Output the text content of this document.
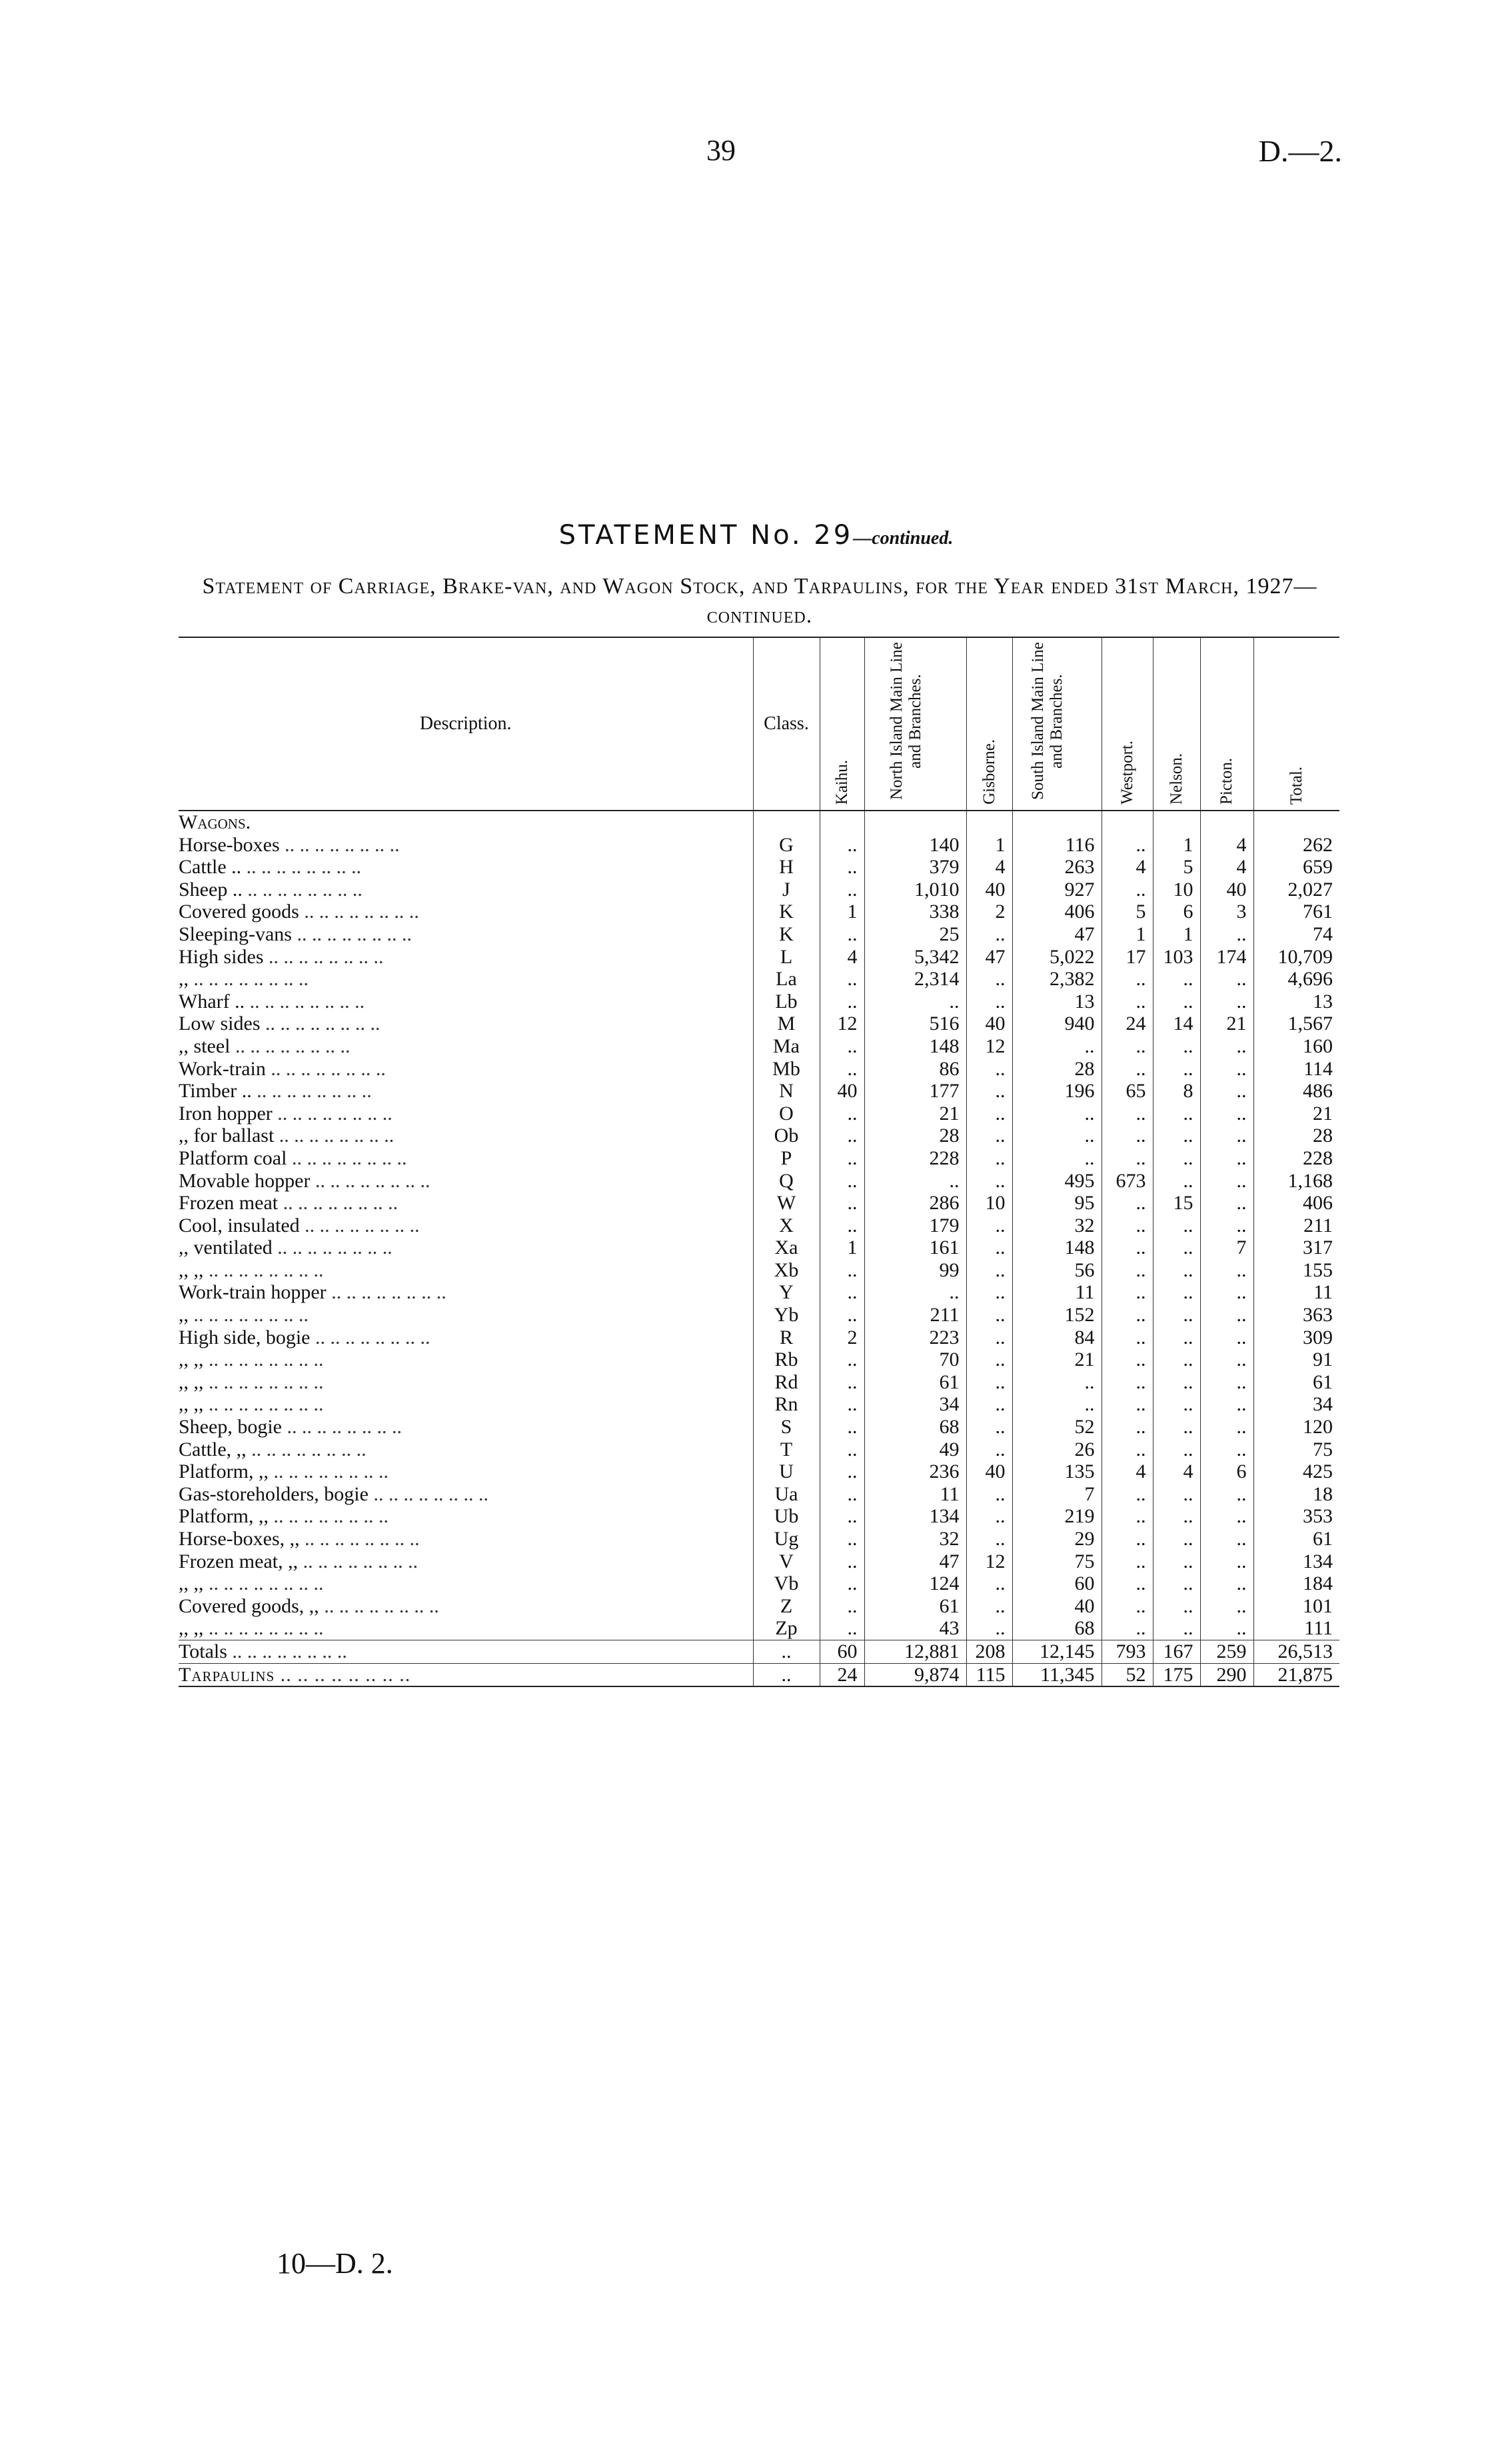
39	D.—2.
STATEMENT No. 29—continued.
Statement of Carriage, Brake-van, and Wagon Stock, and Tarpaulins, for the Year ended 31st March, 1927—continued.
Description.	Class.	Kaihu.	North Island Main Line and Branches.	Gisborne.	South Island Main Line and Branches.	Westport.	Nelson.	Picton.	Total.
Wagons.									
Horse-boxes .. .. .. .. .. .. .. ..	G	..	140	1	116	..	1	4	262
Cattle .. .. .. .. .. .. .. .. ..	H	..	379	4	263	4	5	4	659
Sheep .. .. .. .. .. .. .. .. ..	J	..	1,010	40	927	..	10	40	2,027
Covered goods .. .. .. .. .. .. .. ..	K	1	338	2	406	5	6	3	761
Sleeping-vans .. .. .. .. .. .. .. ..	K	..	25	..	47	1	1	..	74
High sides .. .. .. .. .. .. .. ..	L	4	5,342	47	5,022	17	103	174	10,709
,, .. .. .. .. .. .. .. ..	La	..	2,314	..	2,382	..	..	..	4,696
Wharf .. .. .. .. .. .. .. .. ..	Lb	..	..	..	13	..	..	..	13
Low sides .. .. .. .. .. .. .. ..	M	12	516	40	940	24	14	21	1,567
,, steel .. .. .. .. .. .. .. ..	Ma	..	148	12	..	..	..	..	160
Work-train .. .. .. .. .. .. .. ..	Mb	..	86	..	28	..	..	..	114
Timber .. .. .. .. .. .. .. .. ..	N	40	177	..	196	65	8	..	486
Iron hopper .. .. .. .. .. .. .. ..	O	..	21	..	..	..	..	..	21
,, for ballast .. .. .. .. .. .. .. ..	Ob	..	28	..	..	..	..	..	28
Platform coal .. .. .. .. .. .. .. ..	P	..	228	..	..	..	..	..	228
Movable hopper .. .. .. .. .. .. .. ..	Q	..	..	..	495	673	..	..	1,168
Frozen meat .. .. .. .. .. .. .. ..	W	..	286	10	95	..	15	..	406
Cool, insulated .. .. .. .. .. .. .. ..	X	..	179	..	32	..	..	..	211
,, ventilated .. .. .. .. .. .. .. ..	Xa	1	161	..	148	..	..	7	317
,, ,, .. .. .. .. .. .. .. ..	Xb	..	99	..	56	..	..	..	155
Work-train hopper .. .. .. .. .. .. .. ..	Y	..	..	..	11	..	..	..	11
,, .. .. .. .. .. .. .. ..	Yb	..	211	..	152	..	..	..	363
High side, bogie .. .. .. .. .. .. .. ..	R	2	223	..	84	..	..	..	309
,, ,, .. .. .. .. .. .. .. ..	Rb	..	70	..	21	..	..	..	91
,, ,, .. .. .. .. .. .. .. ..	Rd	..	61	..	..	..	..	..	61
,, ,, .. .. .. .. .. .. .. ..	Rn	..	34	..	..	..	..	..	34
Sheep, bogie .. .. .. .. .. .. .. ..	S	..	68	..	52	..	..	..	120
Cattle, ,, .. .. .. .. .. .. .. ..	T	..	49	..	26	..	..	..	75
Platform, ,, .. .. .. .. .. .. .. ..	U	..	236	40	135	4	4	6	425
Gas-storeholders, bogie .. .. .. .. .. .. .. ..	Ua	..	11	..	7	..	..	..	18
Platform, ,, .. .. .. .. .. .. .. ..	Ub	..	134	..	219	..	..	..	353
Horse-boxes, ,, .. .. .. .. .. .. .. ..	Ug	..	32	..	29	..	..	..	61
Frozen meat, ,, .. .. .. .. .. .. .. ..	V	..	47	12	75	..	..	..	134
,, ,, .. .. .. .. .. .. .. ..	Vb	..	124	..	60	..	..	..	184
Covered goods, ,, .. .. .. .. .. .. .. ..	Z	..	61	..	40	..	..	..	101
,, ,, .. .. .. .. .. .. .. ..	Zp	..	43	..	68	..	..	..	111
Totals .. .. .. .. .. .. .. ..	..	60	12,881	208	12,145	793	167	259	26,513
Tarpaulins .. .. .. .. .. .. .. ..	..	24	9,874	115	11,345	52	175	290	21,875
10—D. 2.
